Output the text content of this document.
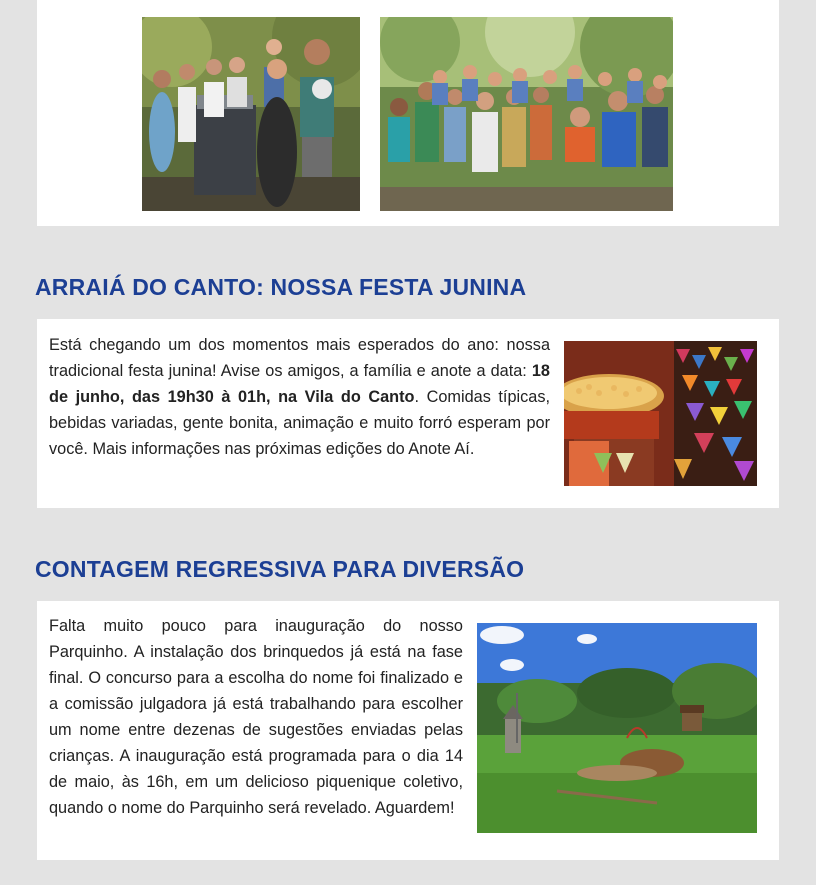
ARRAIÁ DO CANTO: NOSSA FESTA JUNINA

Está chegando um dos momentos mais esperados do ano: nossa tradicional festa junina! Avise os amigos, a família e anote a data: 18 de junho, das 19h30 à 01h, na Vila do Canto. Comidas típicas, bebidas variadas, gente bonita, animação e muito forró esperam por você. Mais informações nas próximas edições do Anote Aí.

CONTAGEM REGRESSIVA PARA DIVERSÃO

Falta muito pouco para inauguração do nosso Parquinho. A instalação dos brinquedos já está na fase final. O concurso para a escolha do nome foi finalizado e a comissão julgadora já está trabalhando para escolher um nome entre dezenas de sugestões enviadas pelas crianças. A inauguração está programada para o dia 14 de maio, às 16h, em um delicioso piquenique coletivo, quando o nome do Parquinho será revelado. Aguardem!
